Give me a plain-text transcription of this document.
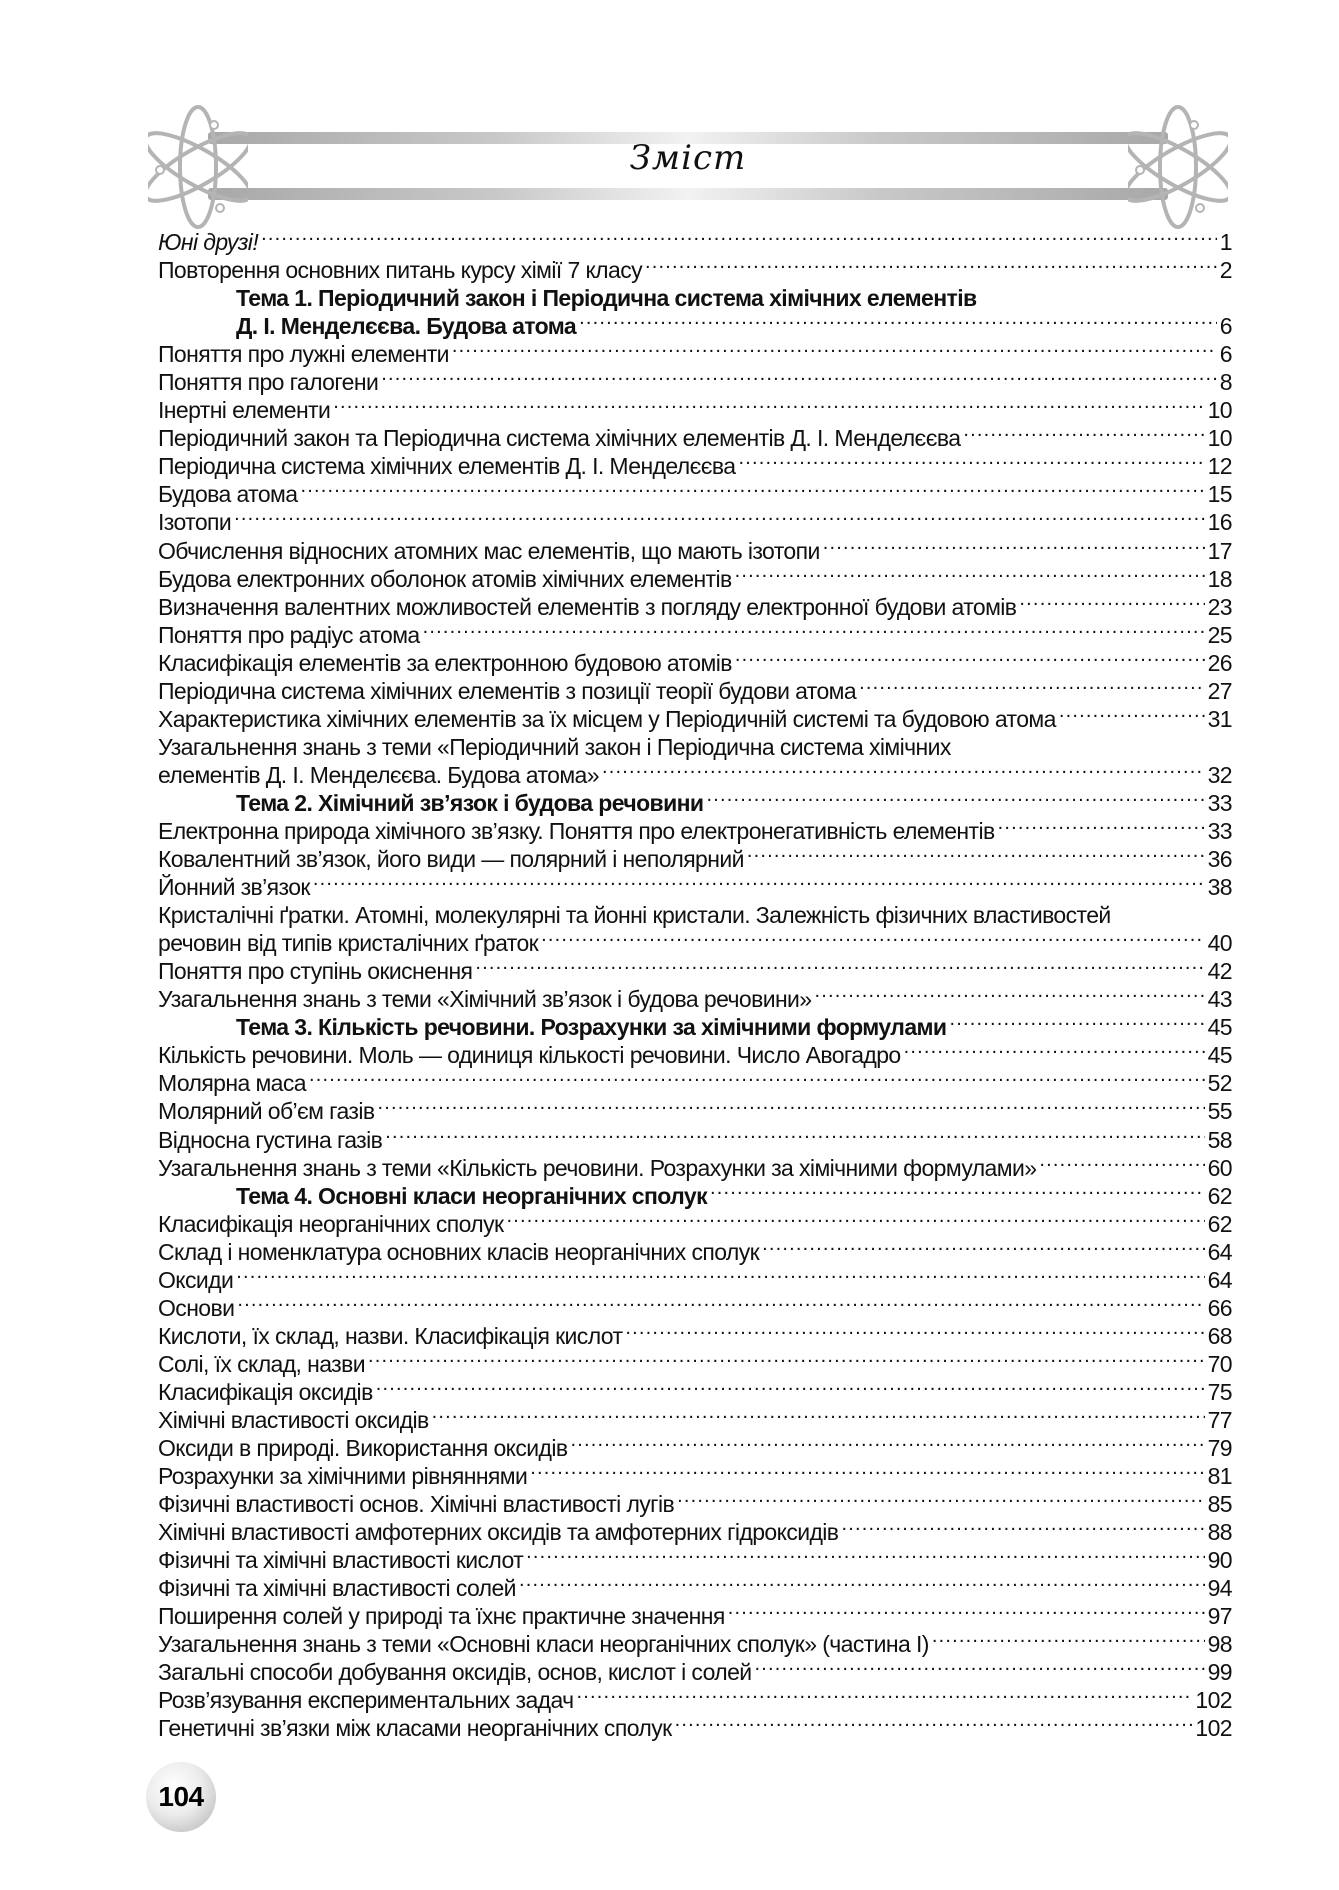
Зміст
Юні друзі! .....	1
Повторення основних питань курсу хімії 7 класу .....	2
Тема 1. Періодичний закон і Періодична система хімічних елементів
Д. І. Менделєєва. Будова атома .....	6
Поняття про лужні елементи .....	6
Поняття про галогени .....	8
Інертні елементи .....	10
Періодичний закон та Періодична система хімічних елементів Д. І. Менделєєва .....	10
Періодична система хімічних елементів Д. І. Менделєєва .....	12
Будова атома .....	15
Ізотопи .....	16
Обчислення відносних атомних мас елементів, що мають ізотопи .....	17
Будова електронних оболонок атомів хімічних елементів .....	18
Визначення валентних можливостей елементів з погляду електронної будови атомів .....	23
Поняття про радіус атома .....	25
Класифікація елементів за електронною будовою атомів .....	26
Періодична система хімічних елементів з позиції теорії будови атома .....	27
Характеристика хімічних елементів за їх місцем у Періодичній системі та будовою атома .....	31
Узагальнення знань з теми «Періодичний закон і Періодична система хімічних
елементів Д. І. Менделєєва. Будова атома» .....	32
Тема 2. Хімічний зв’язок і будова речовини .....	33
Електронна природа хімічного зв’язку. Поняття про електронегативність елементів .....	33
Ковалентний зв’язок, його види — полярний і неполярний .....	36
Йонний зв’язок .....	38
Кристалічні ґратки. Атомні, молекулярні та йонні кристали. Залежність фізичних властивостей
речовин від типів кристалічних ґраток .....	40
Поняття про ступінь окиснення .....	42
Узагальнення знань з теми «Хімічний зв’язок і будова речовини» .....	43
Тема 3. Кількість речовини. Розрахунки за хімічними формулами .....	45
Кількість речовини. Моль — одиниця кількості речовини. Число Авогадро .....	45
Молярна маса .....	52
Молярний об’єм газів .....	55
Відносна густина газів .....	58
Узагальнення знань з теми «Кількість речовини. Розрахунки за хімічними формулами» .....	60
Тема 4. Основні класи неорганічних сполук .....	62
Класифікація неорганічних сполук .....	62
Склад і номенклатура основних класів неорганічних сполук .....	64
Оксиди .....	64
Основи .....	66
Кислоти, їх склад, назви. Класифікація кислот .....	68
Солі, їх склад, назви .....	70
Класифікація оксидів .....	75
Хімічні властивості оксидів .....	77
Оксиди в природі. Використання оксидів .....	79
Розрахунки за хімічними рівняннями .....	81
Фізичні властивості основ. Хімічні властивості лугів .....	85
Хімічні властивості амфотерних оксидів та амфотерних гідроксидів .....	88
Фізичні та хімічні властивості кислот .....	90
Фізичні та хімічні властивості солей .....	94
Поширення солей у природі та їхнє практичне значення .....	97
Узагальнення знань з теми «Основні класи неорганічних сполук» (частина I) .....	98
Загальні способи добування оксидів, основ, кислот і солей .....	99
Розв’язування експериментальних задач .....	102
Генетичні зв’язки між класами неорганічних сполук .....	102
104
